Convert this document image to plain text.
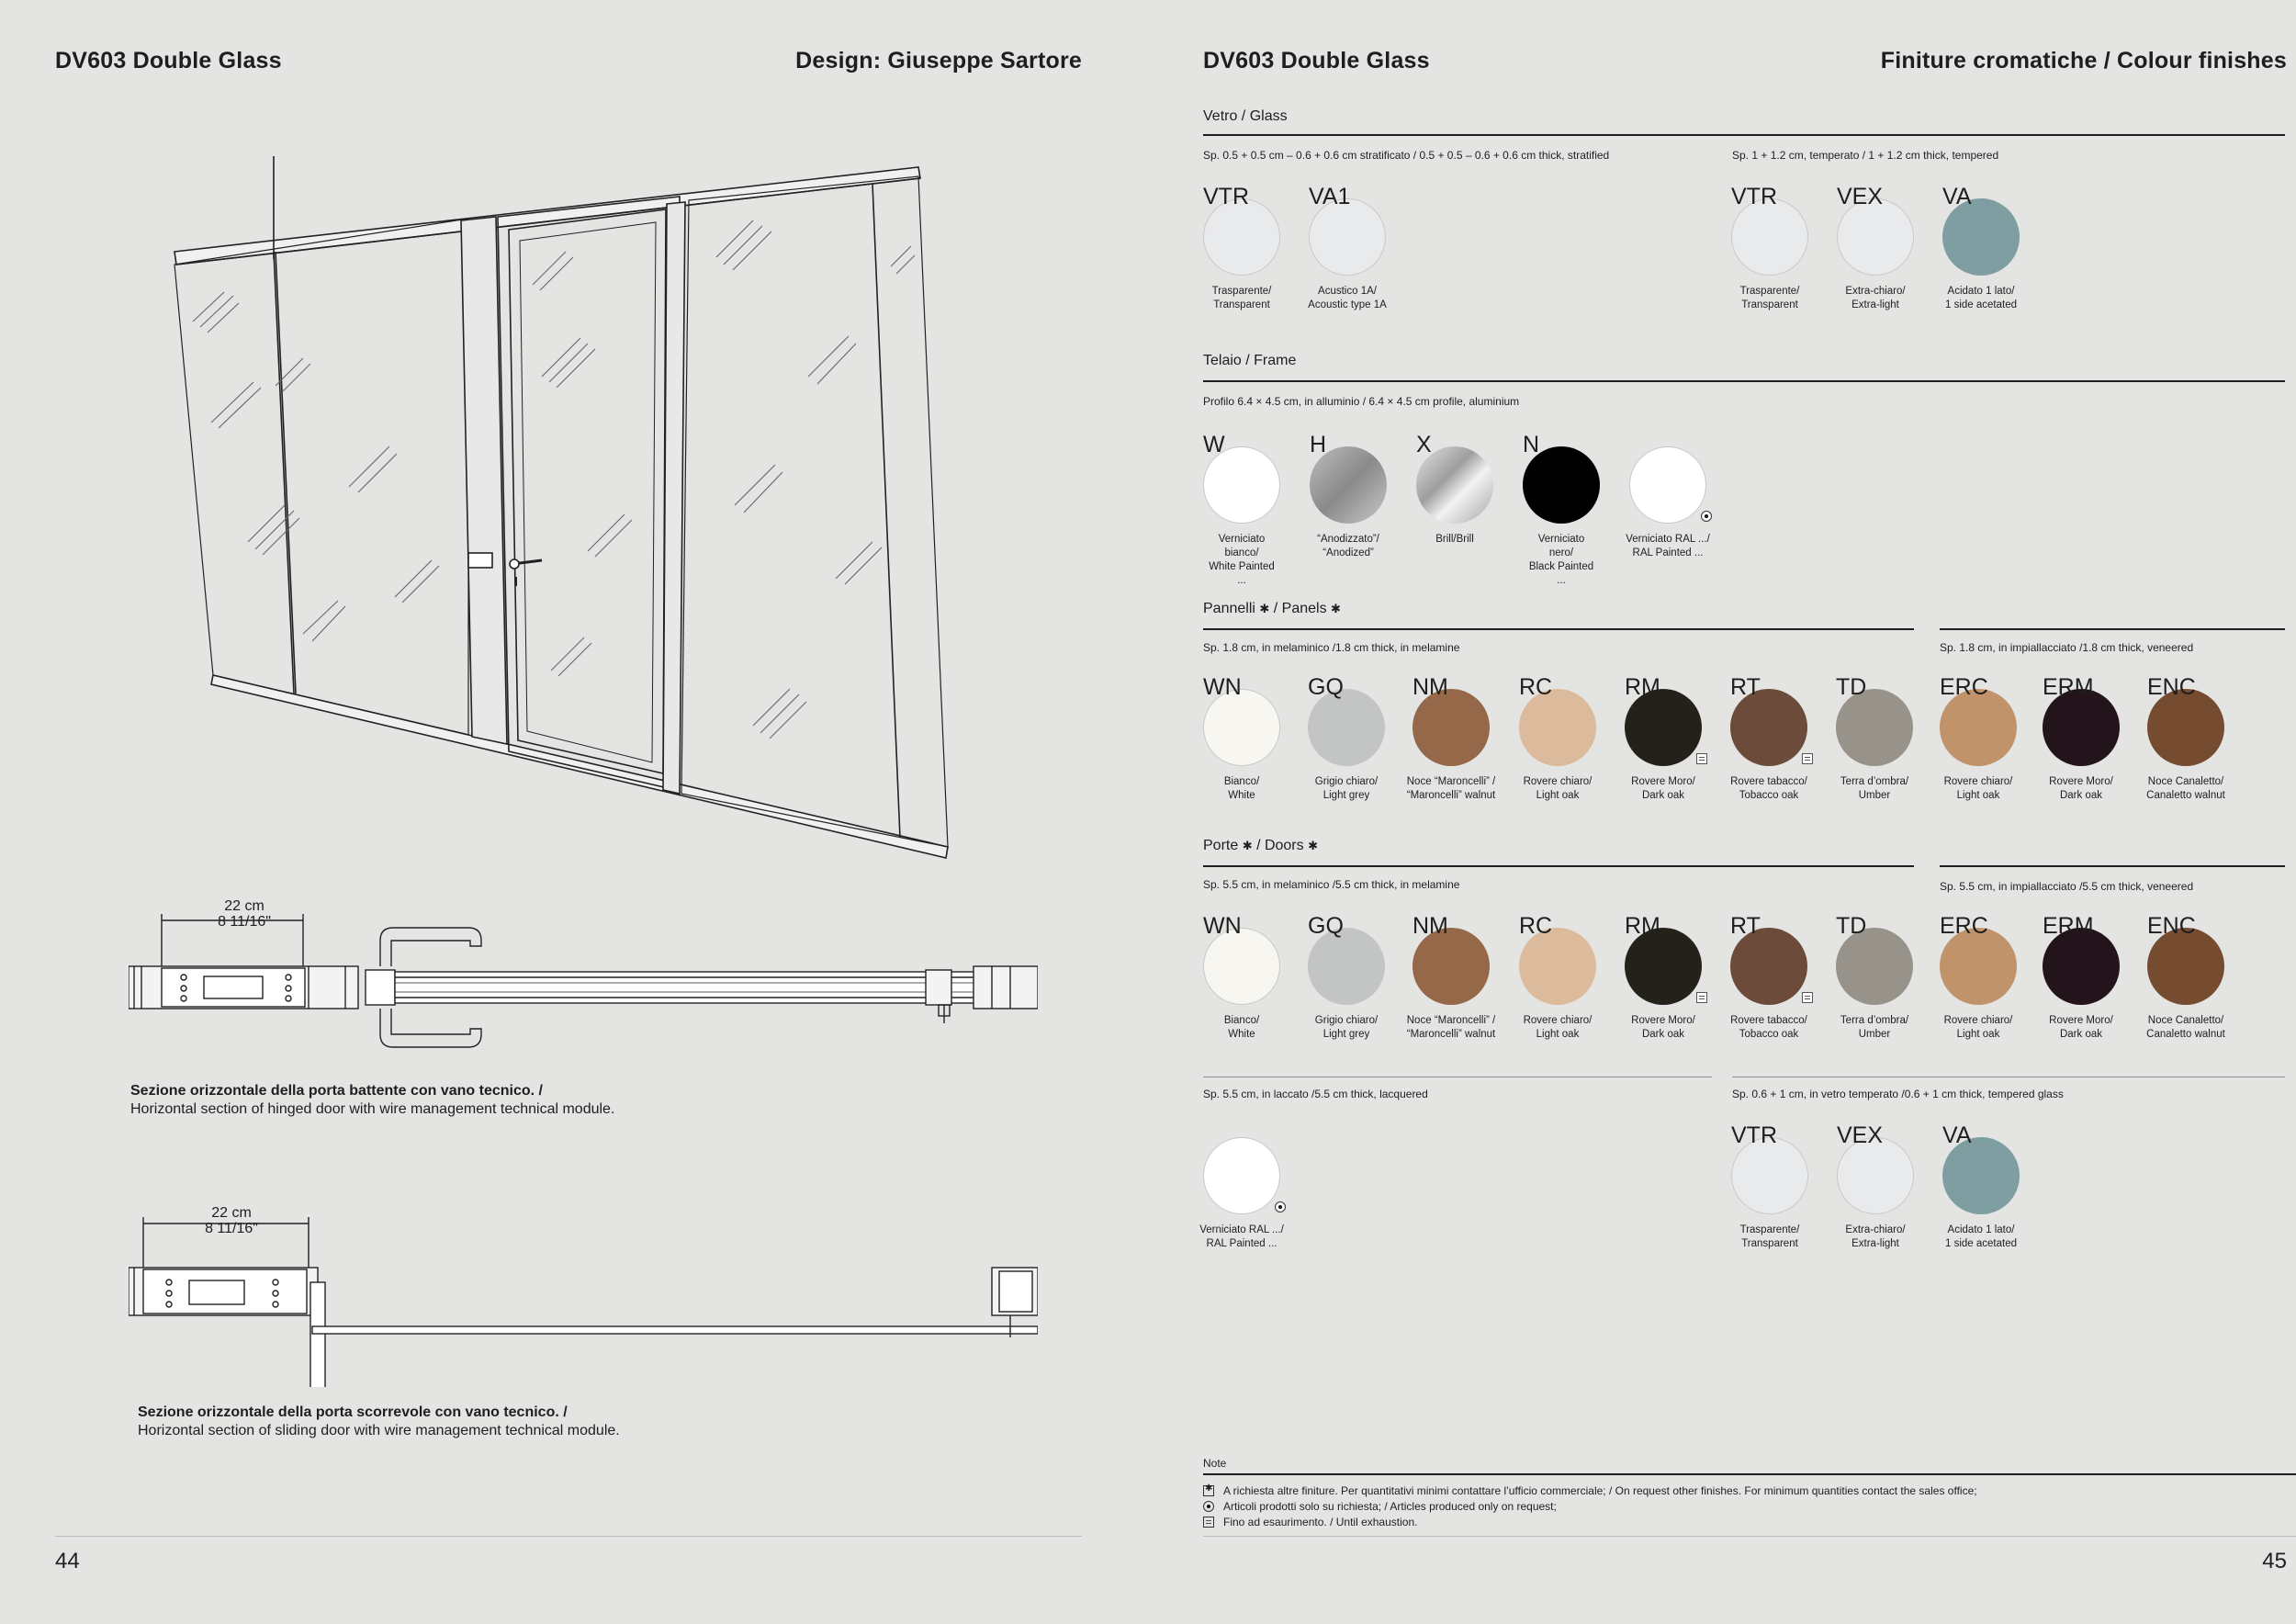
DV603 Double Glass	Design: Giuseppe Sartore
22 cm
8 11/16"
Sezione orizzontale della porta battente con vano tecnico. /
Horizontal section of hinged door with wire management technical module.
22 cm
8 11/16"
Sezione orizzontale della porta scorrevole con vano tecnico. /
Horizontal section of sliding door with wire management technical module.
44
DV603 Double Glass	Finiture cromatiche / Colour finishes
Vetro / Glass
Sp. 0.5 + 0.5 cm – 0.6 + 0.6 cm stratificato / 0.5 + 0.5 – 0.6 + 0.6 cm thick, stratified	Sp. 1 + 1.2 cm, temperato / 1 + 1.2 cm thick, tempered
Telaio / Frame
Profilo 6.4 × 4.5 cm, in alluminio / 6.4 × 4.5 cm profile, aluminium
Pannelli ✱ / Panels ✱
Sp. 1.8 cm, in melaminico /1.8 cm thick, in melamine	Sp. 1.8 cm, in impiallacciato /1.8 cm thick, veneered
Porte ✱ / Doors ✱
Sp. 5.5 cm, in melaminico /5.5 cm thick, in melamine	Sp. 5.5 cm, in impiallacciato /5.5 cm thick, veneered
Sp. 5.5 cm, in laccato /5.5 cm thick, lacquered	Sp. 0.6 + 1 cm, in vetro temperato /0.6 + 1 cm thick, tempered glass
Note
✱
A richiesta altre finiture. Per quantitativi minimi contattare l’ufficio commerciale; / On request other finishes. For minimum quantities contact the sales office;
Articoli prodotti solo su richiesta; / Articles produced only on request;
Fino ad esaurimento. / Until exhaustion.
45
VTR
Trasparente/
Transparent
VA1
Acustico 1A/
Acoustic type 1A
VTR
Trasparente/
Transparent
VEX
Extra-chiaro/
Extra-light
VA
Acidato 1 lato/
1 side acetated
W
Verniciato
bianco/
White Painted
...
H
“Anodizzato”/
“Anodized”
X
Brill/Brill
N
Verniciato
nero/
Black Painted
...
Verniciato RAL .../
RAL Painted ...
WN
Bianco/
White
GQ
Grigio chiaro/
Light grey
NM
Noce “Maroncelli” /
“Maroncelli” walnut
RC
Rovere chiaro/
Light oak
RM
Rovere Moro/
Dark oak
RT
Rovere tabacco/
Tobacco oak
TD
Terra d’ombra/
Umber
ERC
Rovere chiaro/
Light oak
ERM
Rovere Moro/
Dark oak
ENC
Noce Canaletto/
Canaletto walnut
WN
Bianco/
White
GQ
Grigio chiaro/
Light grey
NM
Noce “Maroncelli” /
“Maroncelli” walnut
RC
Rovere chiaro/
Light oak
RM
Rovere Moro/
Dark oak
RT
Rovere tabacco/
Tobacco oak
TD
Terra d’ombra/
Umber
ERC
Rovere chiaro/
Light oak
ERM
Rovere Moro/
Dark oak
ENC
Noce Canaletto/
Canaletto walnut
Verniciato RAL .../
RAL Painted ...
VTR
Trasparente/
Transparent
VEX
Extra-chiaro/
Extra-light
VA
Acidato 1 lato/
1 side acetated
